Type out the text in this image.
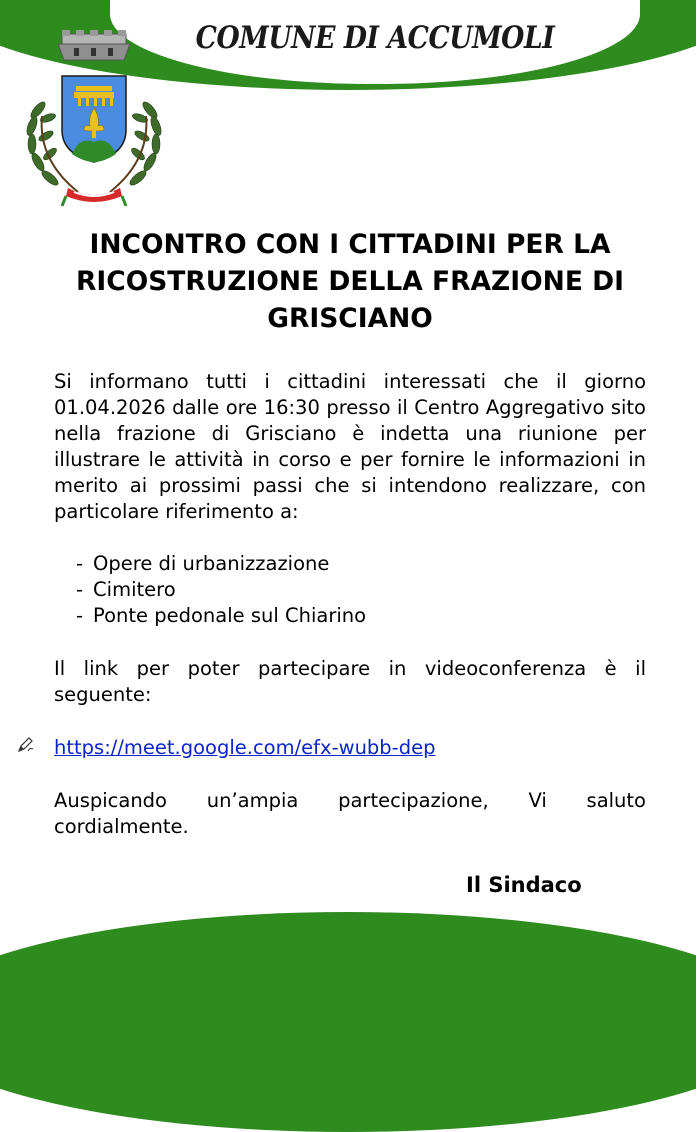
COMUNE DI ACCUMOLI
INCONTRO CON I CITTADINI PER LA RICOSTRUZIONE DELLA FRAZIONE DI GRISCIANO

Si informano tutti i cittadini interessati che il giorno 01.04.2026 dalle ore 16:30 presso il Centro Aggregativo sito nella frazione di Grisciano è indetta una riunione per illustrare le attività in corso e per fornire le informazioni in merito ai prossimi passi che si intendono realizzare, con particolare riferimento a:

- Opere di urbanizzazione
- Cimitero
- Ponte pedonale sul Chiarino

Il link per poter partecipare in videoconferenza è il seguente:

https://meet.google.com/efx-wubb-dep

Auspicando un’ampia partecipazione, Vi saluto cordialmente.

Il Sindaco
